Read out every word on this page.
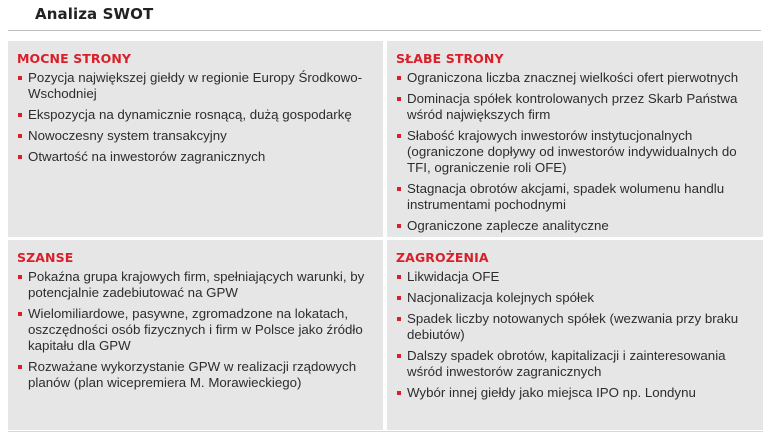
Analiza SWOT
MOCNE STRONY
Pozycja największej giełdy w regionie Europy Środkowo-Wschodniej
Ekspozycja na dynamicznie rosnącą, dużą gospodarkę
Nowoczesny system transakcyjny
Otwartość na inwestorów zagranicznych
SŁABE STRONY
Ograniczona liczba znacznej wielkości ofert pierwotnych
Dominacja spółek kontrolowanych przez Skarb Państwa wśród największych firm
Słabość krajowych inwestorów instytucjonalnych (ograniczone dopływy od inwestorów indywidualnych do TFI, ograniczenie roli OFE)
Stagnacja obrotów akcjami, spadek wolumenu handlu instrumentami pochodnymi
Ograniczone zaplecze analityczne
SZANSE
Pokaźna grupa krajowych firm, spełniających warunki, by potencjalnie zadebiutować na GPW
Wielomiliardowe, pasywne, zgromadzone na lokatach, oszczędności osób fizycznych i firm w Polsce jako źródło kapitału dla GPW
Rozważane wykorzystanie GPW w realizacji rządowych planów (plan wicepremiera M. Morawieckiego)
ZAGROŻENIA
Likwidacja OFE
Nacjonalizacja kolejnych spółek
Spadek liczby notowanych spółek (wezwania przy braku debiutów)
Dalszy spadek obrotów, kapitalizacji i zainteresowania wśród inwestorów zagranicznych
Wybór innej giełdy jako miejsca IPO np. Londynu
